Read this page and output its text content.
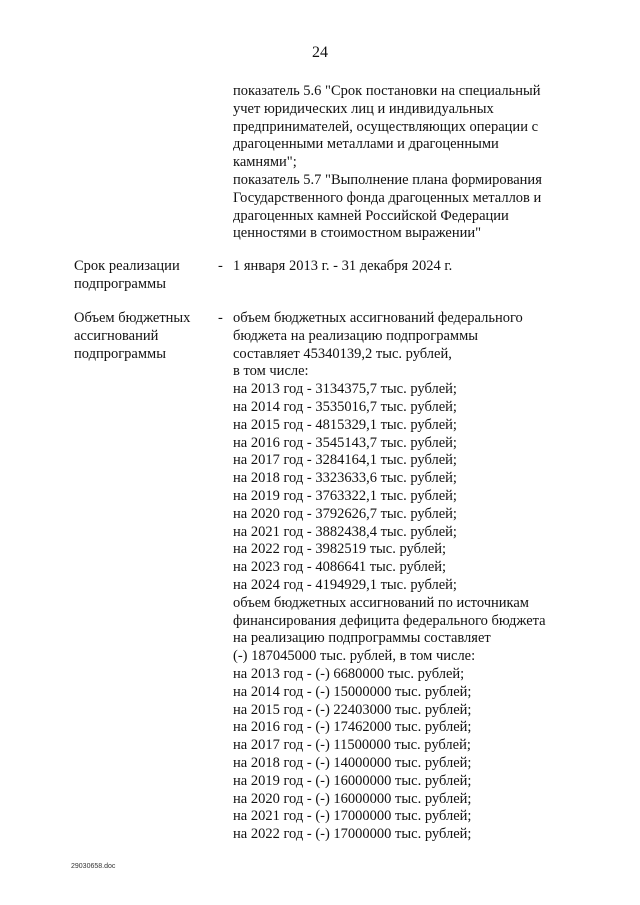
24
показатель 5.6 "Срок постановки на специальный
учет юридических лиц и индивидуальных
предпринимателей, осуществляющих операции с
драгоценными металлами и драгоценными
камнями";
показатель 5.7 "Выполнение плана формирования
Государственного фонда драгоценных металлов и
драгоценных камней Российской Федерации
ценностями в стоимостном выражении"
Срок реализации
подпрограммы
- 1 января 2013 г. - 31 декабря 2024 г.
Объем бюджетных
ассигнований
подпрограммы
- объем бюджетных ассигнований федерального
бюджета на реализацию подпрограммы
составляет 45340139,2 тыс. рублей,
в том числе:
на 2013 год - 3134375,7 тыс. рублей;
на 2014 год - 3535016,7 тыс. рублей;
на 2015 год - 4815329,1 тыс. рублей;
на 2016 год - 3545143,7 тыс. рублей;
на 2017 год - 3284164,1 тыс. рублей;
на 2018 год - 3323633,6 тыс. рублей;
на 2019 год - 3763322,1 тыс. рублей;
на 2020 год - 3792626,7 тыс. рублей;
на 2021 год - 3882438,4 тыс. рублей;
на 2022 год - 3982519 тыс. рублей;
на 2023 год - 4086641 тыс. рублей;
на 2024 год - 4194929,1 тыс. рублей;
объем бюджетных ассигнований по источникам
финансирования дефицита федерального бюджета
на реализацию подпрограммы составляет
(-) 187045000 тыс. рублей, в том числе:
на 2013 год - (-) 6680000 тыс. рублей;
на 2014 год - (-) 15000000 тыс. рублей;
на 2015 год - (-) 22403000 тыс. рублей;
на 2016 год - (-) 17462000 тыс. рублей;
на 2017 год - (-) 11500000 тыс. рублей;
на 2018 год - (-) 14000000 тыс. рублей;
на 2019 год - (-) 16000000 тыс. рублей;
на 2020 год - (-) 16000000 тыс. рублей;
на 2021 год - (-) 17000000 тыс. рублей;
на 2022 год - (-) 17000000 тыс. рублей;
29030658.doc
